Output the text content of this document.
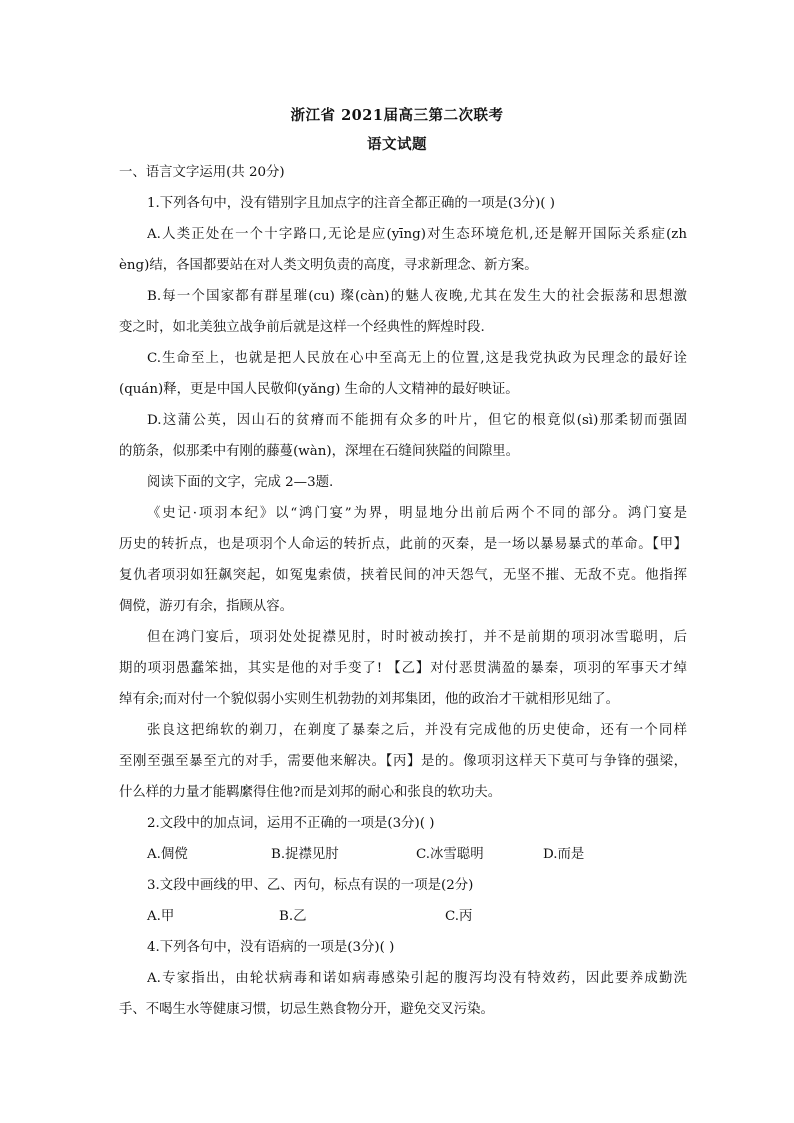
浙江省 2021届高三第二次联考
语文试题
一、语言文字运用(共 20分)
1.下列各句中，没有错别字且加点字的注音全都正确的一项是(3分)( )
A.人类正处在一个十字路口,无论是应(yīng)对生态环境危机,还是解开国际关系症(zh
èng)结，各国都要站在对人类文明负责的高度，寻求新理念、新方案。
B.每一个国家都有群星璀(cu) 璨(càn)的魅人夜晚,尤其在发生大的社会振荡和思想激
变之时，如北美独立战争前后就是这样一个经典性的辉煌时段.
C.生命至上，也就是把人民放在心中至高无上的位置,这是我党执政为民理念的最好诠
(quán)释，更是中国人民敬仰(yǎng) 生命的人文精神的最好映证。
D.这蒲公英，因山石的贫瘠而不能拥有众多的叶片，但它的根竟似(sì)那柔韧而强固
的筋条，似那柔中有刚的藤蔓(wàn)，深埋在石缝间狭隘的间隙里。
阅读下面的文字，完成 2—3题.
《史记·项羽本纪》以“鸿门宴”为界，明显地分出前后两个不同的部分。鸿门宴是
历史的转折点，也是项羽个人命运的转折点，此前的灭秦，是一场以暴易暴式的革命。【甲】
复仇者项羽如狂飙突起，如冤鬼索债，挟着民间的冲天怨气，无坚不摧、无敌不克。他指挥
倜傥，游刃有余，指顾从容。
但在鸿门宴后，项羽处处捉襟见肘，时时被动挨打，并不是前期的项羽冰雪聪明，后
期的项羽愚蠢笨拙，其实是他的对手变了! 【乙】对付恶贯满盈的暴秦，项羽的军事天才绰
绰有余;而对付一个貌似弱小实则生机勃勃的刘邦集团，他的政治才干就相形见绌了。
张良这把绵软的剃刀，在剃度了暴秦之后，并没有完成他的历史使命，还有一个同样
至刚至强至暴至亢的对手，需要他来解决。【丙】是的。像项羽这样天下莫可与争锋的强梁，
什么样的力量才能羁縻得住他?而是刘邦的耐心和张良的软功夫。
2.文段中的加点词，运用不正确的一项是(3分)( )
A.倜傥	B.捉襟见肘	C.冰雪聪明	D.而是
3.文段中画线的甲、乙、丙句，标点有误的一项是(2分)
A.甲	B.乙	C.丙
4.下列各句中，没有语病的一项是(3分)( )
A.专家指出，由轮状病毒和诺如病毒感染引起的腹泻均没有特效药，因此要养成勤洗
手、不喝生水等健康习惯，切忌生熟食物分开，避免交叉污染。
